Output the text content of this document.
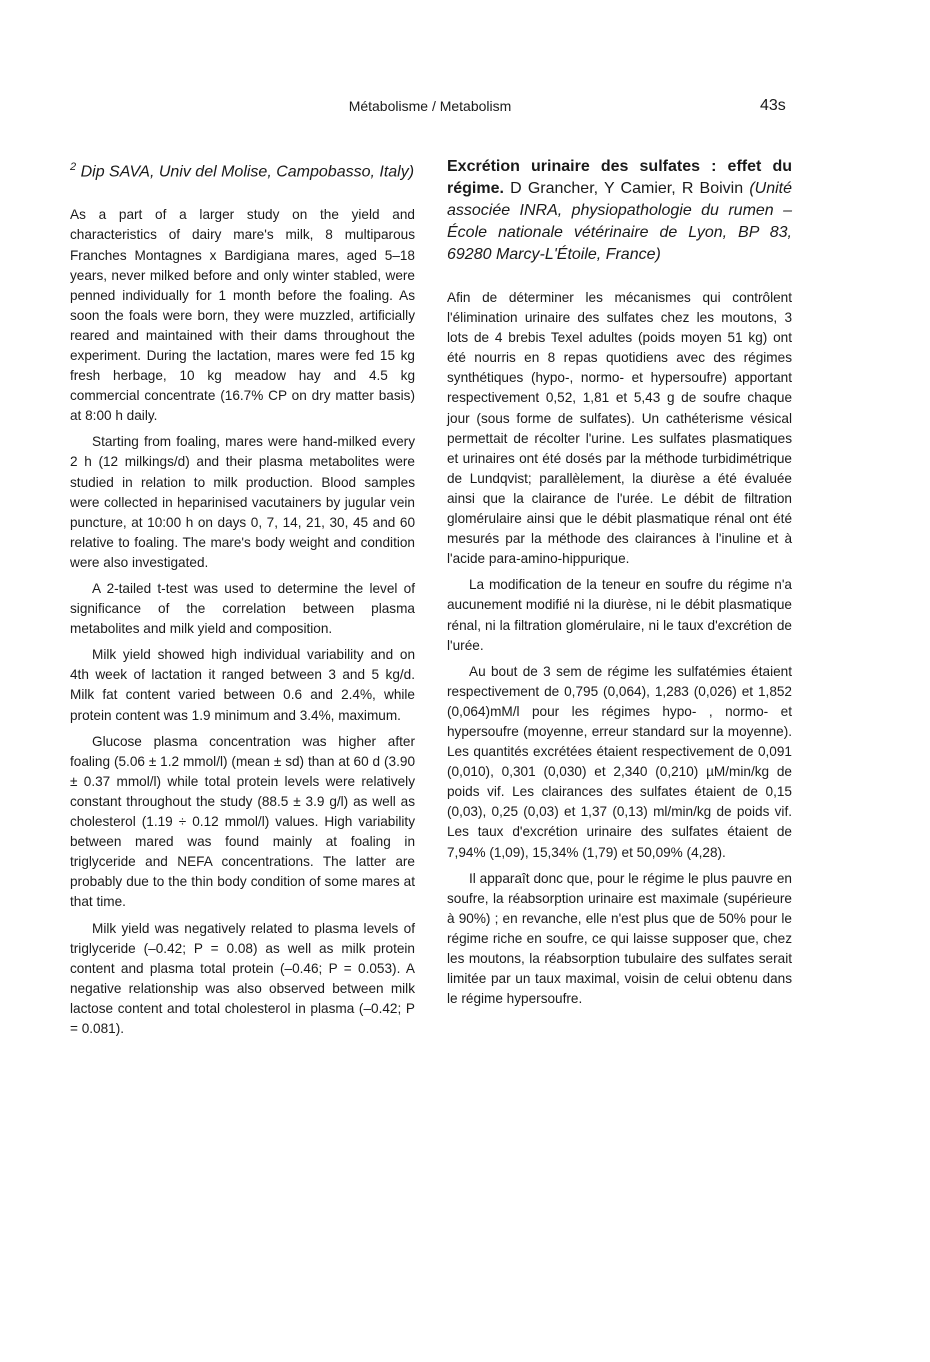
Métabolisme / Metabolism	43s

$^2$ Dip SAVA, Univ del Molise, Campobasso, Italy)

As a part of a larger study on the yield and characteristics of dairy mare's milk, 8 multiparous Franches Montagnes x Bardigiana mares, aged 5–18 years, never milked before and only winter stabled, were penned individually for 1 month before the foaling. As soon the foals were born, they were muzzled, artificially reared and maintained with their dams throughout the experiment. During the lactation, mares were fed 15 kg fresh herbage, 10 kg meadow hay and 4.5 kg commercial concentrate (16.7% CP on dry matter basis) at 8:00 h daily.

Starting from foaling, mares were hand-milked every 2 h (12 milkings/d) and their plasma metabolites were studied in relation to milk production. Blood samples were collected in heparinised vacutainers by jugular vein puncture, at 10:00 h on days 0, 7, 14, 21, 30, 45 and 60 relative to foaling. The mare's body weight and condition were also investigated.

A 2-tailed t-test was used to determine the level of significance of the correlation between plasma metabolites and milk yield and composition.

Milk yield showed high individual variability and on 4th week of lactation it ranged between 3 and 5 kg/d. Milk fat content varied between 0.6 and 2.4%, while protein content was 1.9 minimum and 3.4%, maximum.

Glucose plasma concentration was higher after foaling (5.06 ± 1.2 mmol/l) (mean ± sd) than at 60 d (3.90 ± 0.37 mmol/l) while total protein levels were relatively constant throughout the study (88.5 ± 3.9 g/l) as well as cholesterol (1.19 ÷ 0.12 mmol/l) values. High variability between mared was found mainly at foaling in triglyceride and NEFA concentrations. The latter are probably due to the thin body condition of some mares at that time.

Milk yield was negatively related to plasma levels of triglyceride (–0.42; P = 0.08) as well as milk protein content and plasma total protein (–0.46; P = 0.053). A negative relationship was also observed between milk lactose content and total cholesterol in plasma (–0.42; P = 0.081).

Excrétion urinaire des sulfates : effet du régime. D Grancher, Y Camier, R Boivin (Unité associée INRA, physiopathologie du rumen – École nationale vétérinaire de Lyon, BP 83, 69280 Marcy-L'Étoile, France)

Afin de déterminer les mécanismes qui contrôlent l'élimination urinaire des sulfates chez les moutons, 3 lots de 4 brebis Texel adultes (poids moyen 51 kg) ont été nourris en 8 repas quotidiens avec des régimes synthétiques (hypo-, normo- et hypersoufre) apportant respectivement 0,52, 1,81 et 5,43 g de soufre chaque jour (sous forme de sulfates). Un cathéterisme vésical permettait de récolter l'urine. Les sulfates plasmatiques et urinaires ont été dosés par la méthode turbidimétrique de Lundqvist; parallèlement, la diurèse a été évaluée ainsi que la clairance de l'urée. Le débit de filtration glomérulaire ainsi que le débit plasmatique rénal ont été mesurés par la méthode des clairances à l'inuline et à l'acide para-amino-hippurique.

La modification de la teneur en soufre du régime n'a aucunement modifié ni la diurèse, ni le débit plasmatique rénal, ni la filtration glomérulaire, ni le taux d'excrétion de l'urée.

Au bout de 3 sem de régime les sulfatémies étaient respectivement de 0,795 (0,064), 1,283 (0,026) et 1,852 (0,064)mM/l pour les régimes hypo- , normo- et hypersoufre (moyenne, erreur standard sur la moyenne). Les quantités excrétées étaient respectivement de 0,091 (0,010), 0,301 (0,030) et 2,340 (0,210) µM/min/kg de poids vif. Les clairances des sulfates étaient de 0,15 (0,03), 0,25 (0,03) et 1,37 (0,13) ml/min/kg de poids vif. Les taux d'excrétion urinaire des sulfates étaient de 7,94% (1,09), 15,34% (1,79) et 50,09% (4,28).

Il apparaît donc que, pour le régime le plus pauvre en soufre, la réabsorption urinaire est maximale (supérieure à 90%) ; en revanche, elle n'est plus que de 50% pour le régime riche en soufre, ce qui laisse supposer que, chez les moutons, la réabsorption tubulaire des sulfates serait limitée par un taux maximal, voisin de celui obtenu dans le régime hypersoufre.
